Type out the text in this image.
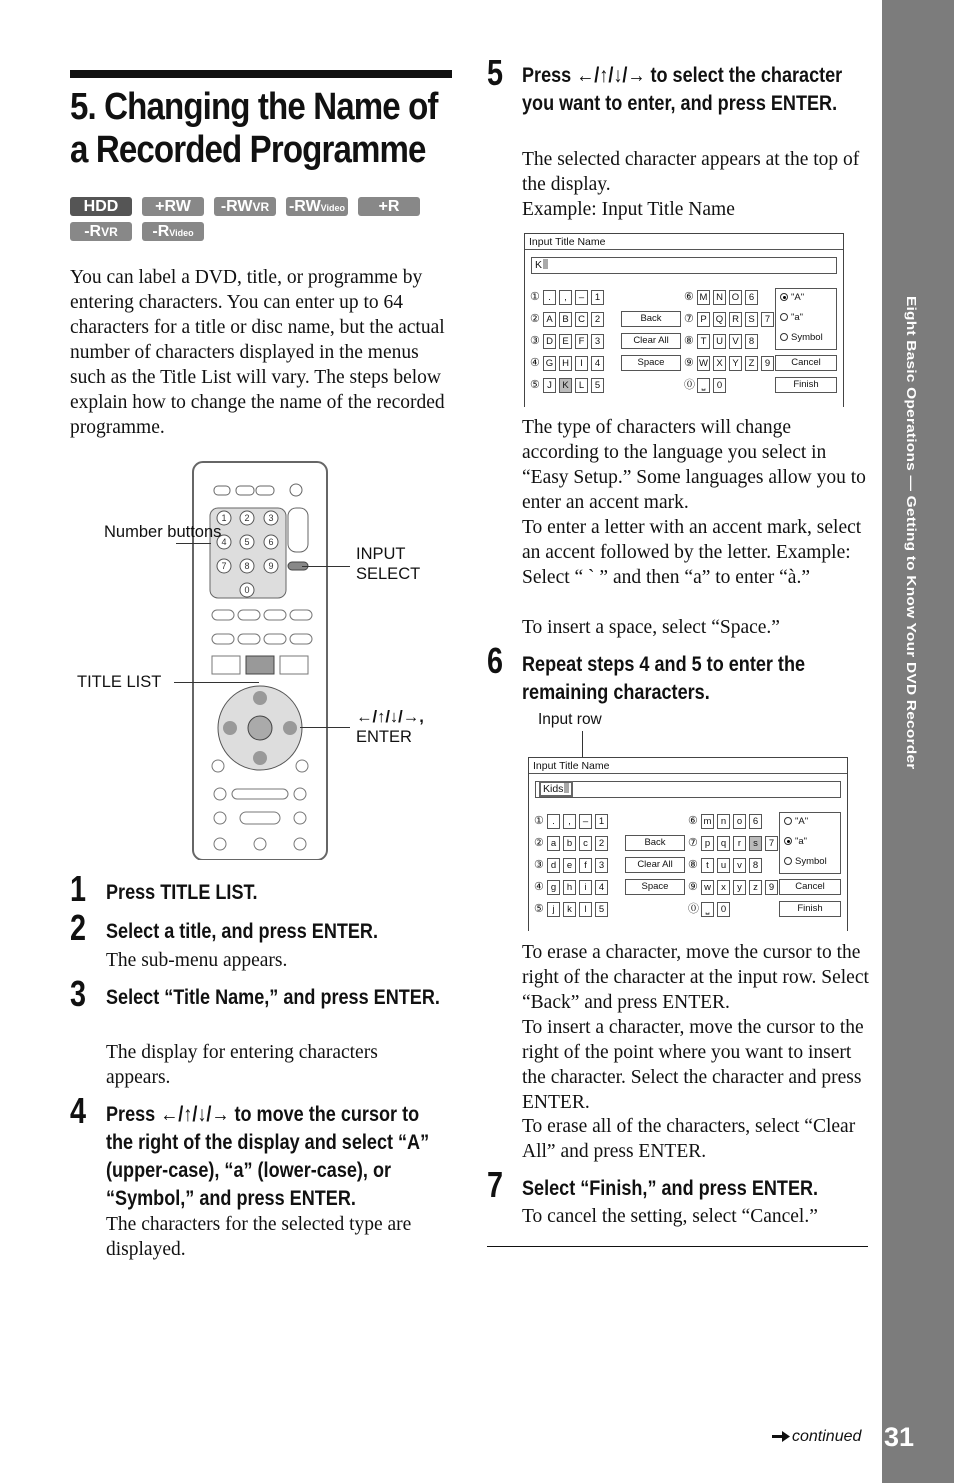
Eight Basic Operations — Getting to Know Your DVD Recorder
31
continued
5. Changing the Name of a Recorded Programme
HDD +RW -RWVR -RWVideo +R
-RVR -RVideo
You can label a DVD, title, or programme by entering characters. You can enter up to 64 characters for a title or disc name, but the actual number of characters displayed in the menus such as the Title List will vary. The steps below explain how to change the name of the recorded programme.
1 2 3
4 5 6
7 8 9
0
Number buttons
INPUT SELECT
TITLE LIST
←/↑/↓/→,
ENTER
1 Press TITLE LIST.
2 Select a title, and press ENTER.
The sub-menu appears.
3 Select “Title Name,” and press ENTER.
The display for entering characters appears.
4 Press ←/↑/↓/→ to move the cursor to the right of the display and select “A” (upper-case), “a” (lower-case), or “Symbol,” and press ENTER.
The characters for the selected type are displayed.
5 Press ←/↑/↓/→ to select the character you want to enter, and press ENTER.
The selected character appears at the top of the display.
Example: Input Title Name
Input Title Name
K
① .	,	–	1
② A	B C	2
③ D E	F	3
④ G H	I	4
⑤ J	K	L	5
⑥ M N O	6
⑦ P Q R S	7
⑧ T	U V	8
⑨ W X	Y	Z	9
⓪ ⎵	0
Back
Clear All
Space
"A"
"a"
Symbol
Cancel
Finish
The type of characters will change according to the language you select in “Easy Setup.” Some languages allow you to enter an accent mark.
To enter a letter with an accent mark, select an accent followed by the letter. Example: Select “ ` ” and then “a” to enter “à.”
To insert a space, select “Space.”
6 Repeat steps 4 and 5 to enter the remaining characters.
Input row
Input Title Name
Kids
① .	,	–	1
② a	b	c	2
③ d	e	f	3
④ g	h	i	4
⑤ j	k	l	5
⑥ m n	o	6
⑦ p	q	r	s	7
⑧ t	u	v	8
⑨ w	x	y	z	9
⓪ ⎵	0
Back
Clear All
Space
"A"
"a"
Symbol
Cancel
Finish
To erase a character, move the cursor to the right of the character at the input row. Select “Back” and press ENTER.
To insert a character, move the cursor to the right of the point where you want to insert the character. Select the character and press ENTER.
To erase all of the characters, select “Clear All” and press ENTER.
7 Select “Finish,” and press ENTER.
To cancel the setting, select “Cancel.”
